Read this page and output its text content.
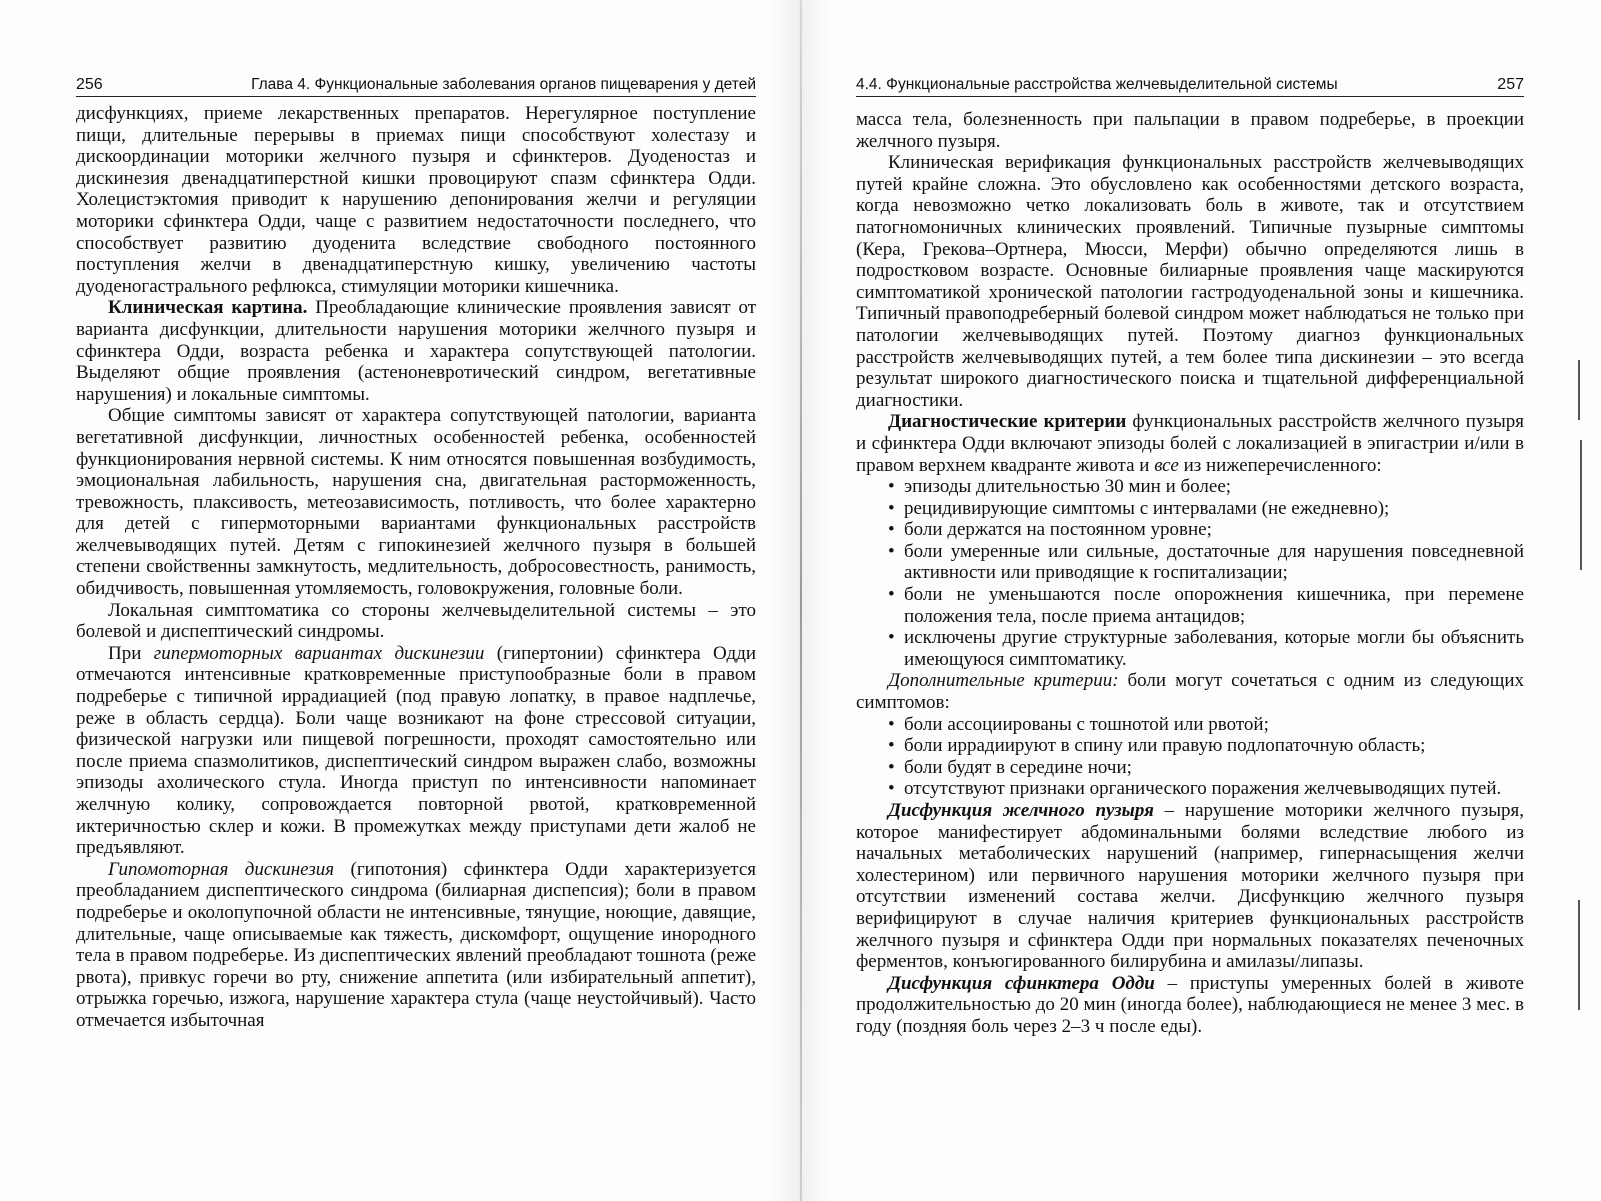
256	Глава 4. Функциональные заболевания органов пищеварения у детей

дисфункциях, приеме лекарственных препаратов. Нерегулярное поступление пищи, длительные перерывы в приемах пищи способствуют холестазу и дискоординации моторики желчного пузыря и сфинктеров. Дуоденостаз и дискинезия двенадцатиперстной кишки провоцируют спазм сфинктера Одди. Холецистэктомия приводит к нарушению депонирования желчи и регуляции моторики сфинктера Одди, чаще с развитием недостаточности последнего, что способствует развитию дуоденита вследствие свободного постоянного поступления желчи в двенадцатиперстную кишку, увеличению частоты дуоденогастрального рефлюкса, стимуляции моторики кишечника.

Клиническая картина. Преобладающие клинические проявления зависят от варианта дисфункции, длительности нарушения моторики желчного пузыря и сфинктера Одди, возраста ребенка и характера сопутствующей патологии. Выделяют общие проявления (астеноневротический синдром, вегетативные нарушения) и локальные симптомы.

Общие симптомы зависят от характера сопутствующей патологии, варианта вегетативной дисфункции, личностных особенностей ребенка, особенностей функционирования нервной системы. К ним относятся повышенная возбудимость, эмоциональная лабильность, нарушения сна, двигательная расторможенность, тревожность, плаксивость, метеозависимость, потливость, что более характерно для детей с гипермоторными вариантами функциональных расстройств желчевыводящих путей. Детям с гипокинезией желчного пузыря в большей степени свойственны замкнутость, медлительность, добросовестность, ранимость, обидчивость, повышенная утомляемость, головокружения, головные боли.

Локальная симптоматика со стороны желчевыделительной системы – это болевой и диспептический синдромы.

При гипермоторных вариантах дискинезии (гипертонии) сфинктера Одди отмечаются интенсивные кратковременные приступообразные боли в правом подреберье с типичной иррадиацией (под правую лопатку, в правое надплечье, реже в область сердца). Боли чаще возникают на фоне стрессовой ситуации, физической нагрузки или пищевой погрешности, проходят самостоятельно или после приема спазмолитиков, диспептический синдром выражен слабо, возможны эпизоды ахолического стула. Иногда приступ по интенсивности напоминает желчную колику, сопровождается повторной рвотой, кратковременной иктеричностью склер и кожи. В промежутках между приступами дети жалоб не предъявляют.

Гипомоторная дискинезия (гипотония) сфинктера Одди характеризуется преобладанием диспептического синдрома (билиарная диспепсия); боли в правом подреберье и околопупочной области не интенсивные, тянущие, ноющие, давящие, длительные, чаще описываемые как тяжесть, дискомфорт, ощущение инородного тела в правом подреберье. Из диспептических явлений преобладают тошнота (реже рвота), привкус горечи во рту, снижение аппетита (или избирательный аппетит), отрыжка горечью, изжога, нарушение характера стула (чаще неустойчивый). Часто отмечается избыточная

4.4. Функциональные расстройства желчевыделительной системы	257

масса тела, болезненность при пальпации в правом подреберье, в проекции желчного пузыря.

Клиническая верификация функциональных расстройств желчевыводящих путей крайне сложна. Это обусловлено как особенностями детского возраста, когда невозможно четко локализовать боль в животе, так и отсутствием патогномоничных клинических проявлений. Типичные пузырные симптомы (Кера, Грекова–Ортнера, Мюсси, Мерфи) обычно определяются лишь в подростковом возрасте. Основные билиарные проявления чаще маскируются симптоматикой хронической патологии гастродуоденальной зоны и кишечника. Типичный правоподреберный болевой синдром может наблюдаться не только при патологии желчевыводящих путей. Поэтому диагноз функциональных расстройств желчевыводящих путей, а тем более типа дискинезии – это всегда результат широкого диагностического поиска и тщательной дифференциальной диагностики.

Диагностические критерии функциональных расстройств желчного пузыря и сфинктера Одди включают эпизоды болей с локализацией в эпигастрии и/или в правом верхнем квадранте живота и все из нижеперечисленного:

• эпизоды длительностью 30 мин и более;
• рецидивирующие симптомы с интервалами (не ежедневно);
• боли держатся на постоянном уровне;
• боли умеренные или сильные, достаточные для нарушения повседневной активности или приводящие к госпитализации;
• боли не уменьшаются после опорожнения кишечника, при перемене положения тела, после приема антацидов;
• исключены другие структурные заболевания, которые могли бы объяснить имеющуюся симптоматику.

Дополнительные критерии: боли могут сочетаться с одним из следующих симптомов:

• боли ассоциированы с тошнотой или рвотой;
• боли иррадиируют в спину или правую подлопаточную область;
• боли будят в середине ночи;
• отсутствуют признаки органического поражения желчевыводящих путей.

Дисфункция желчного пузыря – нарушение моторики желчного пузыря, которое манифестирует абдоминальными болями вследствие любого из начальных метаболических нарушений (например, гипернасыщения желчи холестерином) или первичного нарушения моторики желчного пузыря при отсутствии изменений состава желчи. Дисфункцию желчного пузыря верифицируют в случае наличия критериев функциональных расстройств желчного пузыря и сфинктера Одди при нормальных показателях печеночных ферментов, конъюгированного билирубина и амилазы/липазы.

Дисфункция сфинктера Одди – приступы умеренных болей в животе продолжительностью до 20 мин (иногда более), наблюдающиеся не менее 3 мес. в году (поздняя боль через 2–3 ч после еды).
